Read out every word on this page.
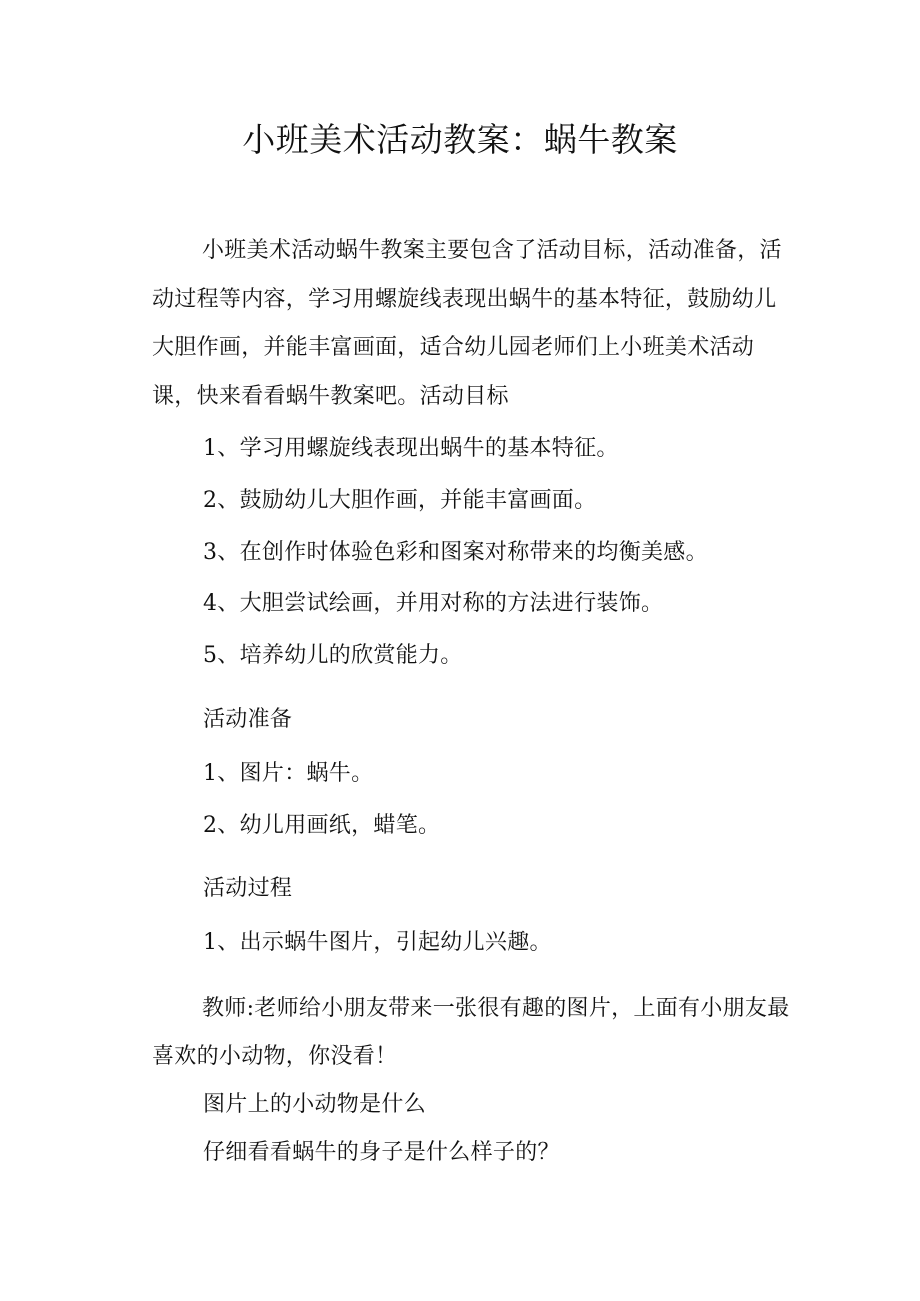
小班美术活动教案：蜗牛教案

小班美术活动蜗牛教案主要包含了活动目标，活动准备，活动过程等内容，学习用螺旋线表现出蜗牛的基本特征，鼓励幼儿大胆作画，并能丰富画面，适合幼儿园老师们上小班美术活动课，快来看看蜗牛教案吧。活动目标

1、学习用螺旋线表现出蜗牛的基本特征。

2、鼓励幼儿大胆作画，并能丰富画面。

3、在创作时体验色彩和图案对称带来的均衡美感。

4、大胆尝试绘画，并用对称的方法进行装饰。

5、培养幼儿的欣赏能力。

活动准备

1、图片：蜗牛。

2、幼儿用画纸，蜡笔。

活动过程

1、出示蜗牛图片，引起幼儿兴趣。

教师:老师给小朋友带来一张很有趣的图片，上面有小朋友最喜欢的小动物，你没看！

图片上的小动物是什么

仔细看看蜗牛的身子是什么样子的？
